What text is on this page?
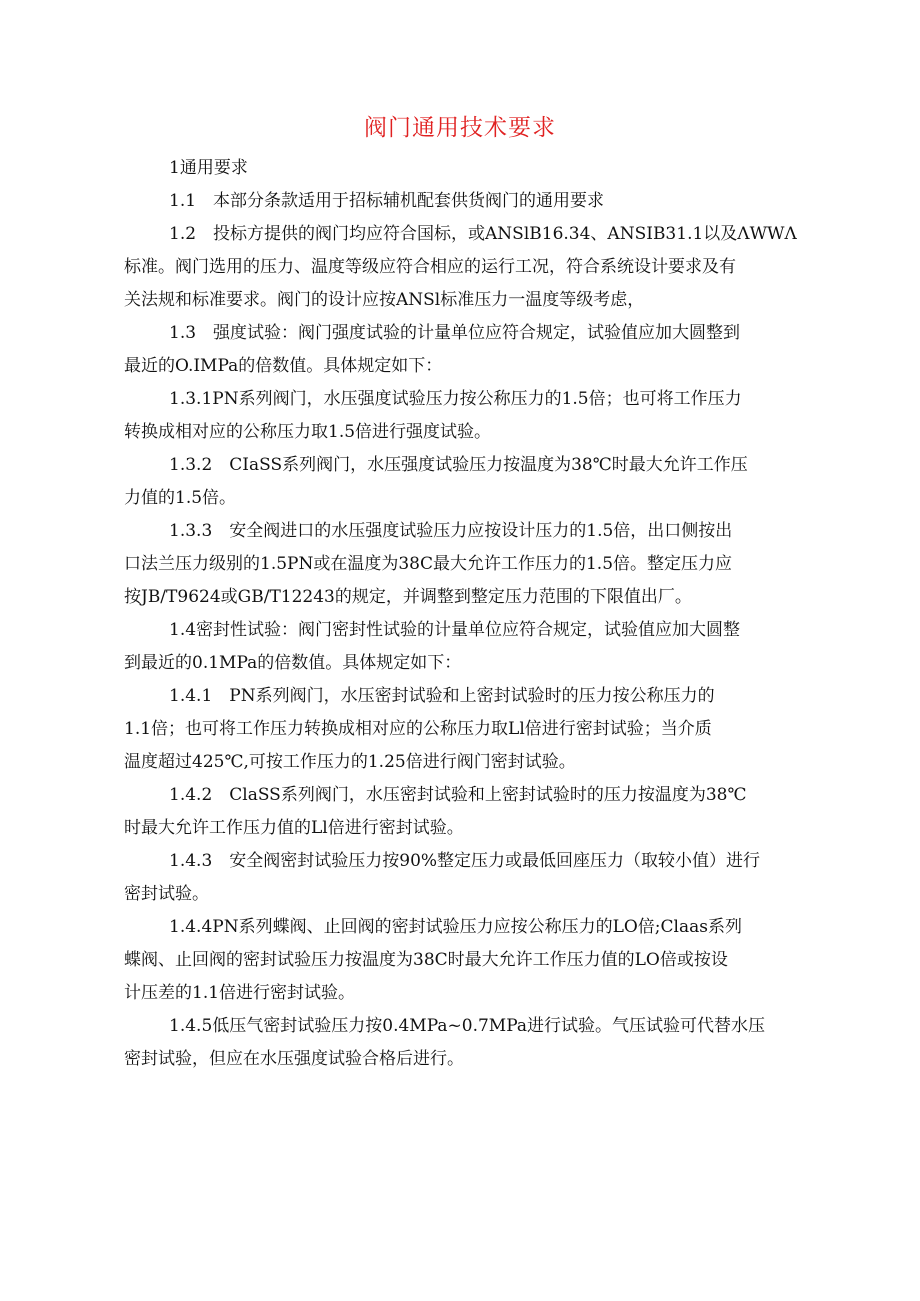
阀门通用技术要求

1通用要求

1.1　本部分条款适用于招标辅机配套供货阀门的通用要求

1.2　投标方提供的阀门均应符合国标，或ANSlB16.34、ANSIB31.1以及ΛWWΛ
标准。阀门选用的压力、温度等级应符合相应的运行工况，符合系统设计要求及有
关法规和标准要求。阀门的设计应按ANSl标准压力一温度等级考虑，

1.3　强度试验：阀门强度试验的计量单位应符合规定，试验值应加大圆整到
最近的O.IMPa的倍数值。具体规定如下：

1.3.1PN系列阀门，水压强度试验压力按公称压力的1.5倍；也可将工作压力
转换成相对应的公称压力取1.5倍进行强度试验。

1.3.2　CIaSS系列阀门，水压强度试验压力按温度为38℃时最大允许工作压
力值的1.5倍。

1.3.3　安全阀进口的水压强度试验压力应按设计压力的1.5倍，出口侧按出
口法兰压力级别的1.5PN或在温度为38C最大允许工作压力的1.5倍。整定压力应
按JB/T9624或GB/T12243的规定，并调整到整定压力范围的下限值出厂。

1.4密封性试验：阀门密封性试验的计量单位应符合规定，试验值应加大圆整
到最近的0.1MPa的倍数值。具体规定如下：

1.4.1　PN系列阀门，水压密封试验和上密封试验时的压力按公称压力的
1.1倍；也可将工作压力转换成相对应的公称压力取Ll倍进行密封试验；当介质
温度超过425℃,可按工作压力的1.25倍进行阀门密封试验。

1.4.2　ClaSS系列阀门，水压密封试验和上密封试验时的压力按温度为38℃
时最大允许工作压力值的Ll倍进行密封试验。

1.4.3　安全阀密封试验压力按90%整定压力或最低回座压力（取较小值）进行
密封试验。

1.4.4PN系列蝶阀、止回阀的密封试验压力应按公称压力的LO倍;Claas系列
蝶阀、止回阀的密封试验压力按温度为38C时最大允许工作压力值的LO倍或按设
计压差的1.1倍进行密封试验。

1.4.5低压气密封试验压力按0.4MPa~0.7MPa进行试验。气压试验可代替水压
密封试验，但应在水压强度试验合格后进行。
